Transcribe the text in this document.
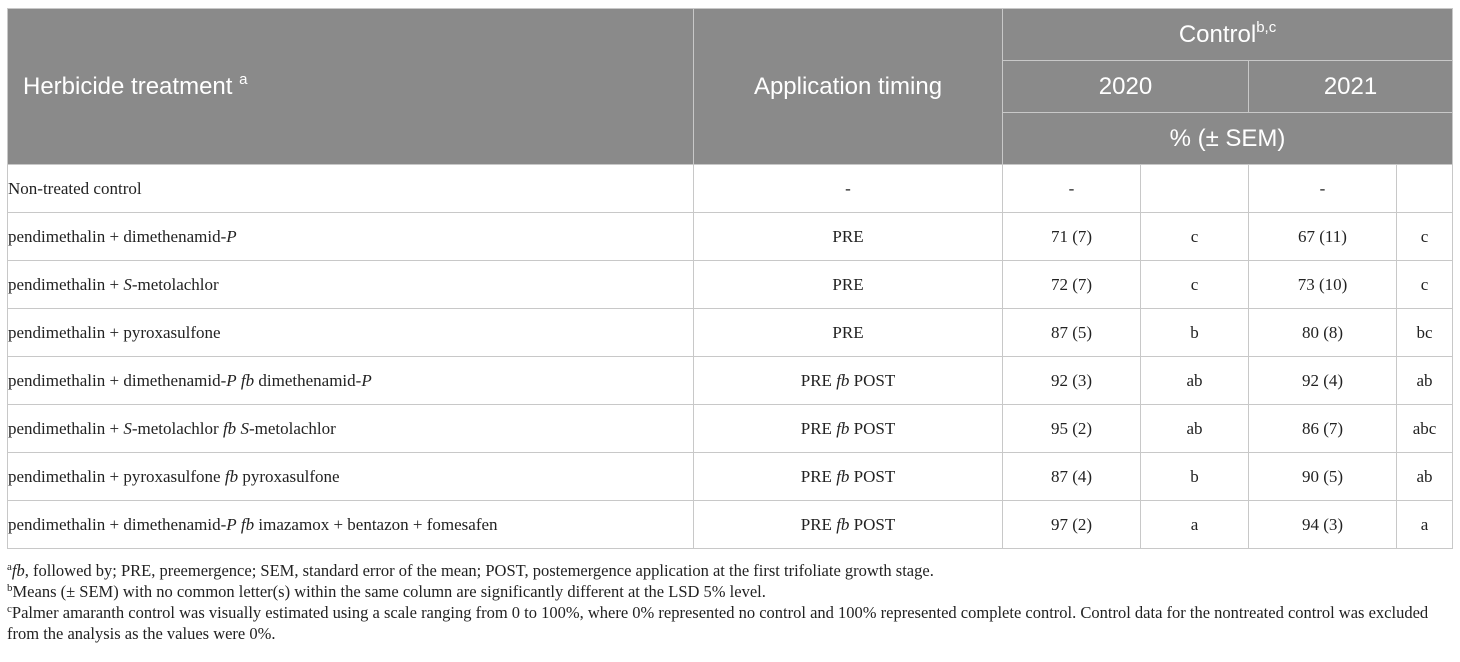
Herbicide treatment $^a$	Application timing	Control$^{b,c}$
		2020		2021	
		% (± SEM)			
Non-treated control	-	-		-	
pendimethalin + dimethenamid-P	PRE	71 (7)	c	67 (11)	c
pendimethalin + S-metolachlor	PRE	72 (7)	c	73 (10)	c
pendimethalin + pyroxasulfone	PRE	87 (5)	b	80 (8)	bc
pendimethalin + dimethenamid-P fb dimethenamid-P	PRE fb POST	92 (3)	ab	92 (4)	ab
pendimethalin + S-metolachlor fb S-metolachlor	PRE fb POST	95 (2)	ab	86 (7)	abc
pendimethalin + pyroxasulfone fb pyroxasulfone	PRE fb POST	87 (4)	b	90 (5)	ab
pendimethalin + dimethenamid-P fb imazamox + bentazon + fomesafen	PRE fb POST	97 (2)	a	94 (3)	a

$^a$fb, followed by; PRE, preemergence; SEM, standard error of the mean; POST, postemergence application at the first trifoliate growth stage.

$^b$Means (± SEM) with no common letter(s) within the same column are significantly different at the LSD 5% level.

$^c$Palmer amaranth control was visually estimated using a scale ranging from 0 to 100%, where 0% represented no control and 100% represented complete control. Control data for the nontreated control was excluded from the analysis as the values were 0%.
